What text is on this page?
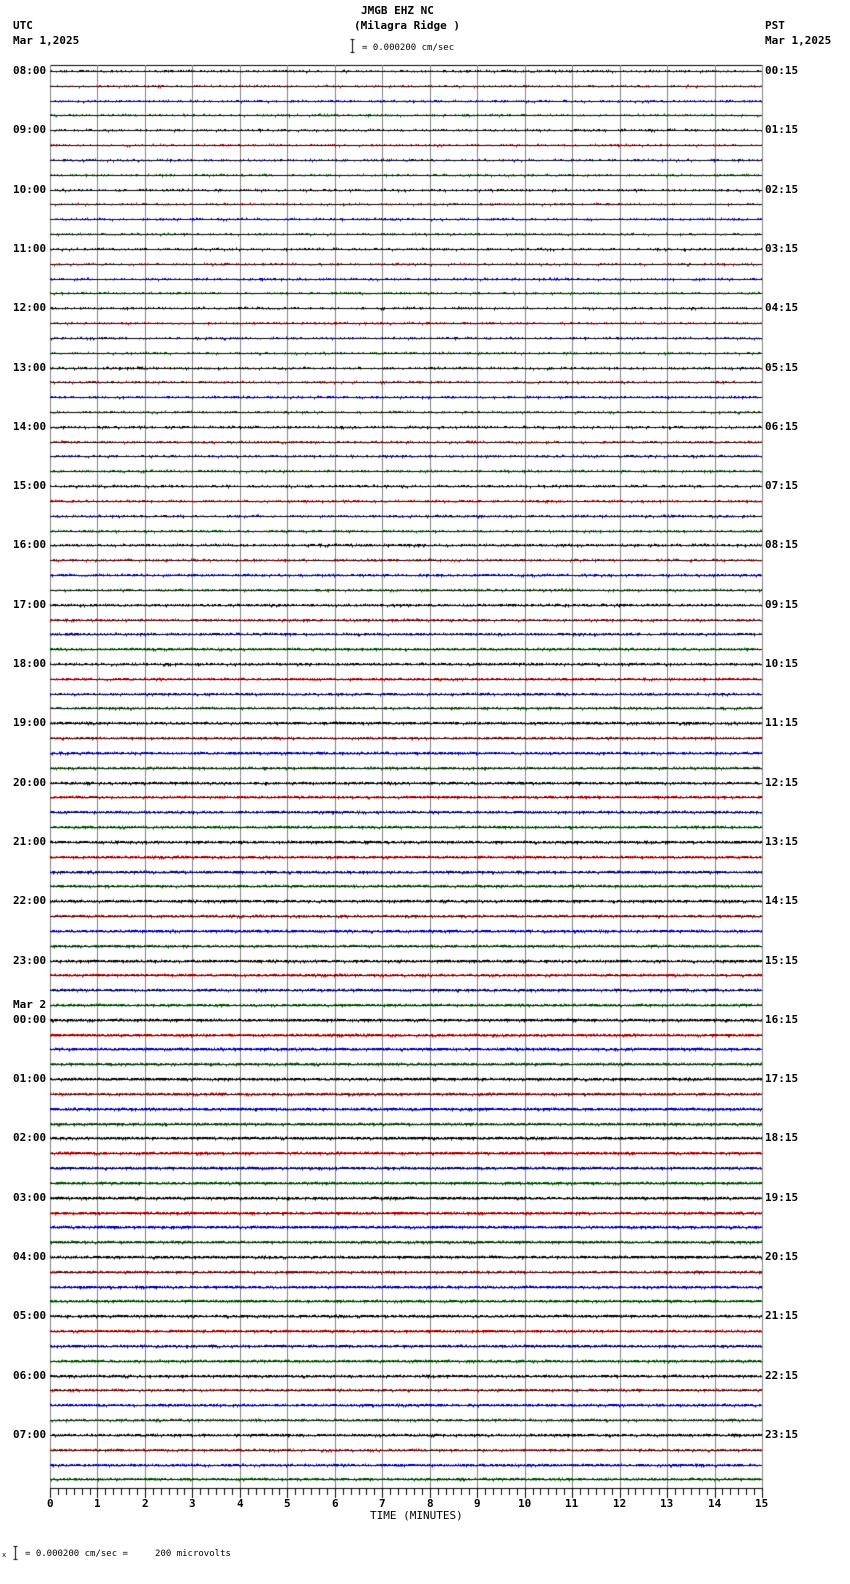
JMGB EHZ NC
(Milagra Ridge )
= 0.000200 cm/sec
UTC
Mar 1,2025
PST
Mar 1,2025
08:00
09:00
10:00
11:00
12:00
13:00
14:00
15:00
16:00
17:00
18:00
19:00
20:00
21:00
22:00
23:00
00:00
Mar 2
01:00
02:00
03:00
04:00
05:00
06:00
07:00
00:15
01:15
02:15
03:15
04:15
05:15
06:15
07:15
08:15
09:15
10:15
11:15
12:15
13:15
14:15
15:15
16:15
17:15
18:15
19:15
20:15
21:15
22:15
23:15
0	1	2	3	4	5	6	7	8	9	10	11	12	13	14	15
TIME (MINUTES)
x = 0.000200 cm/sec =     200 microvolts
